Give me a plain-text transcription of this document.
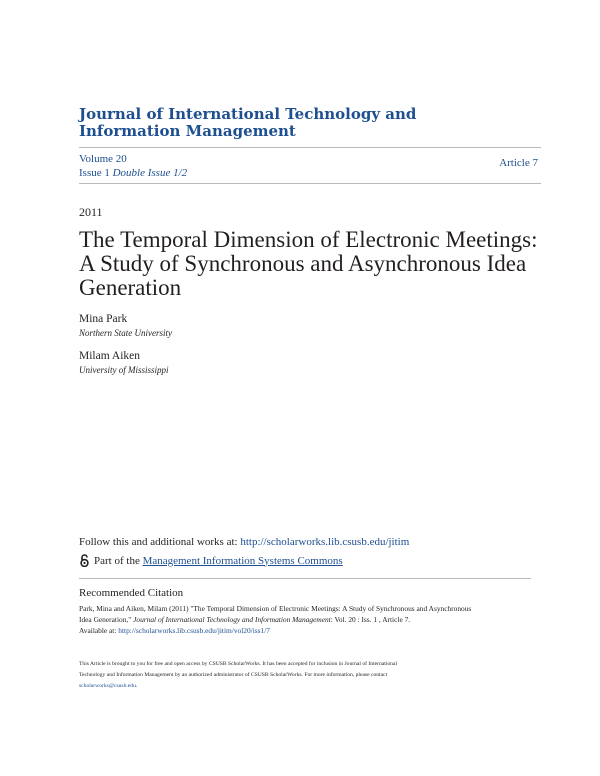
Journal of International Technology and Information Management
Volume 20
Issue 1 Double Issue 1/2
Article 7
2011
The Temporal Dimension of Electronic Meetings: A Study of Synchronous and Asynchronous Idea Generation
Mina Park
Northern State University
Milam Aiken
University of Mississippi
Follow this and additional works at: http://scholarworks.lib.csusb.edu/jitim
Part of the
Management Information Systems Commons
Recommended Citation
Park, Mina and Aiken, Milam (2011) "The Temporal Dimension of Electronic Meetings: A Study of Synchronous and Asynchronous
Idea Generation," Journal of International Technology and Information Management: Vol. 20 : Iss. 1 , Article 7.
Available at: http://scholarworks.lib.csusb.edu/jitim/vol20/iss1/7
This Article is brought to you for free and open access by CSUSB ScholarWorks. It has been accepted for inclusion in Journal of International
Technology and Information Management by an authorized administrator of CSUSB ScholarWorks. For more information, please contact
scholarworks@csusb.edu.
